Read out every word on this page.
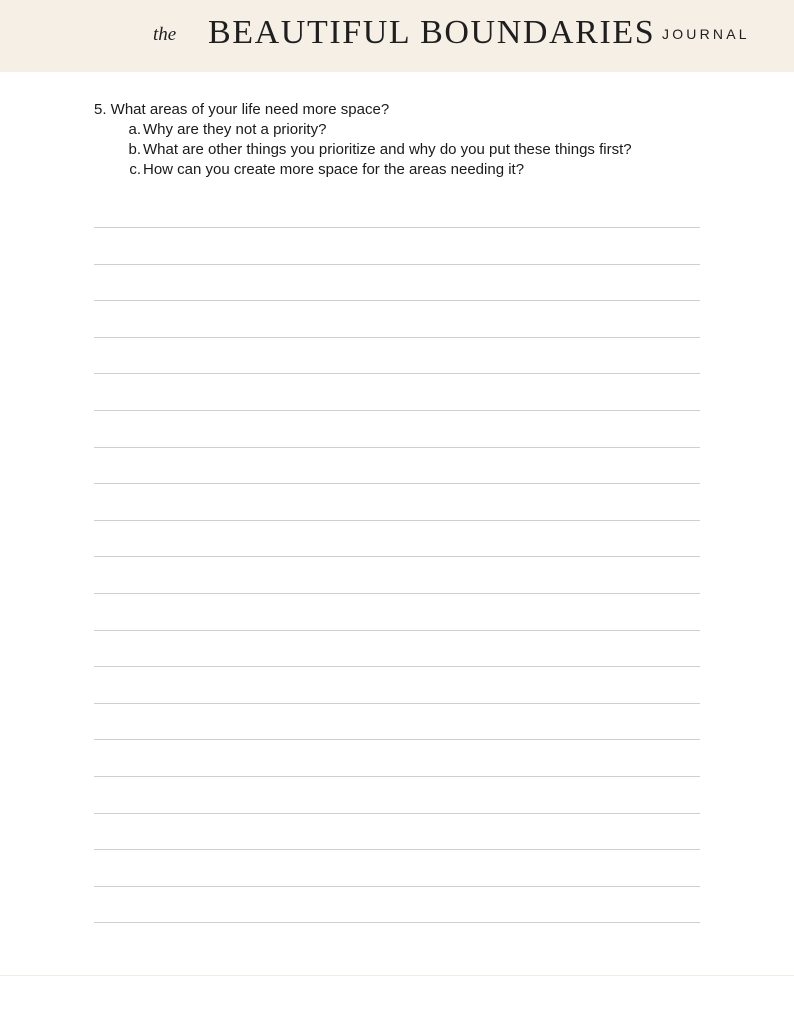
the BEAUTIFUL BOUNDARIES JOURNAL
5. What areas of your life need more space?
a. Why are they not a priority?
b. What are other things you prioritize and why do you put these things first?
c. How can you create more space for the areas needing it?
